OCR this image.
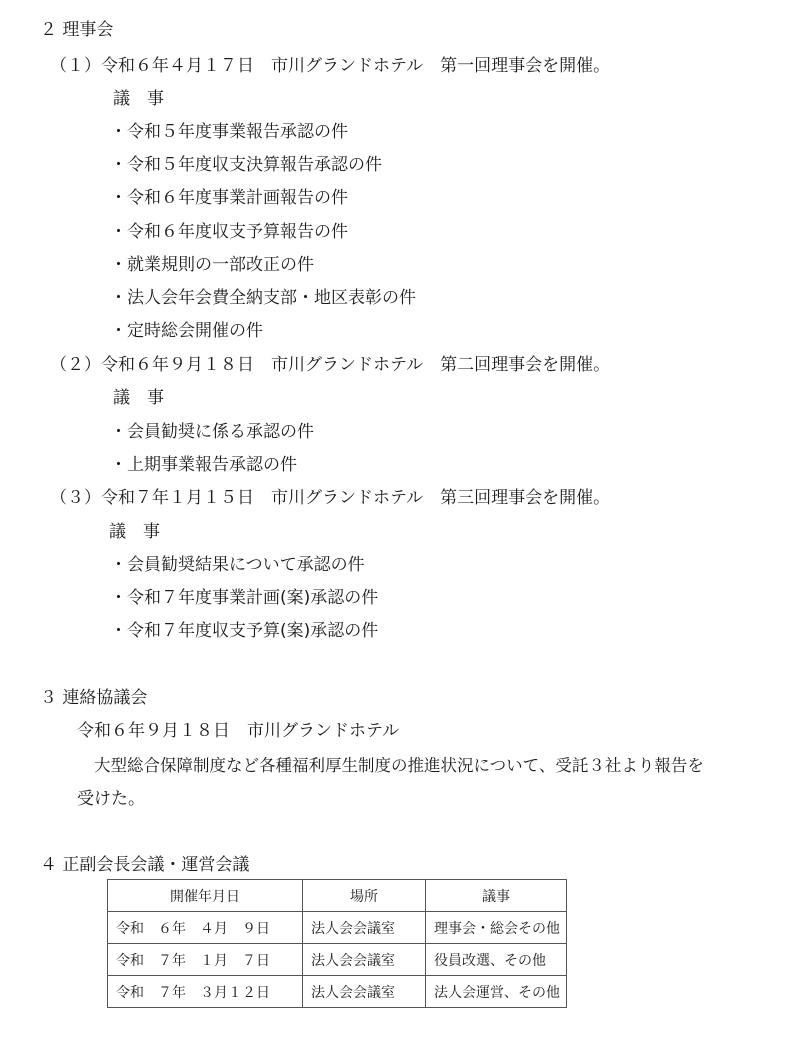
２ 理事会
（１）令和６年４月１７日　市川グランドホテル　第一回理事会を開催。
議　事
・令和５年度事業報告承認の件
・令和５年度収支決算報告承認の件
・令和６年度事業計画報告の件
・令和６年度収支予算報告の件
・就業規則の一部改正の件
・法人会年会費全納支部・地区表彰の件
・定時総会開催の件
（２）令和６年９月１８日　市川グランドホテル　第二回理事会を開催。
議　事
・会員勧奨に係る承認の件
・上期事業報告承認の件
（３）令和７年１月１５日　市川グランドホテル　第三回理事会を開催。
議　事
・会員勧奨結果について承認の件
・令和７年度事業計画(案)承認の件
・令和７年度収支予算(案)承認の件
３ 連絡協議会
令和６年９月１８日　市川グランドホテル
大型総合保障制度など各種福利厚生制度の推進状況について、受託３社より報告を
受けた。
４ 正副会長会議・運営会議
開催年月日	場所	議事
令和　６年　４月　９日	法人会会議室	理事会・総会その他
令和　７年　１月　７日	法人会会議室	役員改選、その他
令和　７年　３月１２日	法人会会議室	法人会運営、その他
